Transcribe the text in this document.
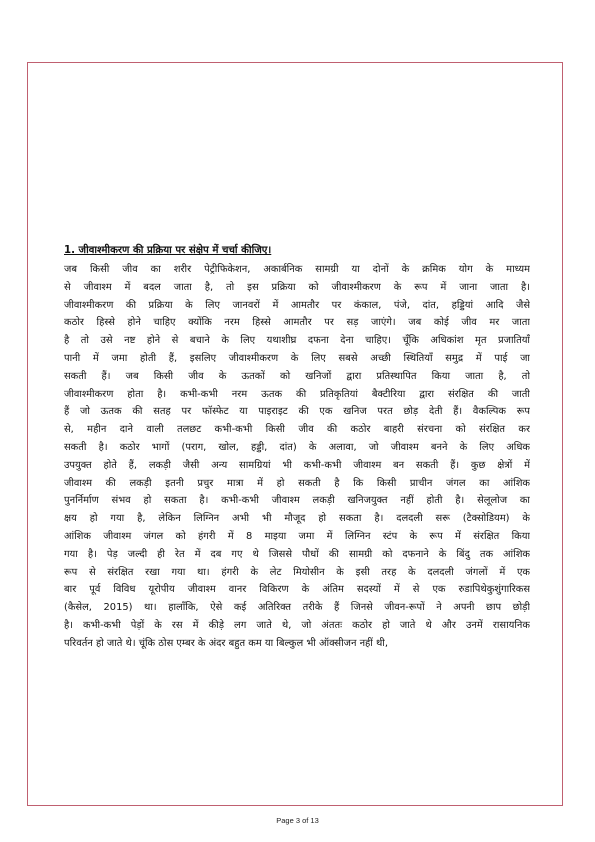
1. जीवाश्मीकरण की प्रक्रिया पर संक्षेप में चर्चा कीजिए।
जब किसी जीव का शरीर पेट्रीफिकेशन, अकार्बनिक सामग्री या दोनों के क्रमिक योग के माध्यम
से जीवाश्म में बदल जाता है, तो इस प्रक्रिया को जीवाश्मीकरण के रूप में जाना जाता है।
जीवाश्मीकरण की प्रक्रिया के लिए जानवरों में आमतौर पर कंकाल, पंजे, दांत, हड्डियां आदि जैसे
कठोर हिस्से होने चाहिए क्योंकि नरम हिस्से आमतौर पर सड़ जाएंगे। जब कोई जीव मर जाता
है तो उसे नष्ट होने से बचाने के लिए यथाशीघ्र दफना देना चाहिए। चूँकि अधिकांश मृत प्रजातियाँ
पानी में जमा होती हैं, इसलिए जीवाश्मीकरण के लिए सबसे अच्छी स्थितियाँ समुद्र में पाई जा
सकती हैं। जब किसी जीव के ऊतकों को खनिजों द्वारा प्रतिस्थापित किया जाता है, तो
जीवाश्मीकरण होता है। कभी-कभी नरम ऊतक की प्रतिकृतियां बैक्टीरिया द्वारा संरक्षित की जाती
हैं जो ऊतक की सतह पर फॉस्फेट या पाइराइट की एक खनिज परत छोड़ देती हैं। वैकल्पिक रूप
से, महीन दाने वाली तलछट कभी-कभी किसी जीव की कठोर बाहरी संरचना को संरक्षित कर
सकती है। कठोर भागों (पराग, खोल, हड्डी, दांत) के अलावा, जो जीवाश्म बनने के लिए अधिक
उपयुक्त होते हैं, लकड़ी जैसी अन्य सामग्रियां भी कभी-कभी जीवाश्म बन सकती हैं। कुछ क्षेत्रों में
जीवाश्म की लकड़ी इतनी प्रचुर मात्रा में हो सकती है कि किसी प्राचीन जंगल का आंशिक
पुनर्निर्माण संभव हो सकता है। कभी-कभी जीवाश्म लकड़ी खनिजयुक्त नहीं होती है। सेलूलोज का
क्षय हो गया है, लेकिन लिग्निन अभी भी मौजूद हो सकता है। दलदली सरू (टैक्सोडियम) के
आंशिक जीवाश्म जंगल को हंगरी में 8 माइया जमा में लिग्निन स्टंप के रूप में संरक्षित किया
गया है। पेड़ जल्दी ही रेत में दब गए थे जिससे पौधों की सामग्री को दफनाने के बिंदु तक आंशिक
रूप से संरक्षित रखा गया था। हंगरी के लेट मियोसीन के इसी तरह के दलदली जंगलों में एक
बार पूर्व विविध यूरोपीय जीवाश्म वानर विकिरण के अंतिम सदस्यों में से एक रुडापिथेकुशुंगारिकस
(कैसेल, 2015) था। हालाँकि, ऐसे कई अतिरिक्त तरीके हैं जिनसे जीवन-रूपों ने अपनी छाप छोड़ी
है। कभी-कभी पेड़ों के रस में कीड़े लग जाते थे, जो अंततः कठोर हो जाते थे और उनमें रासायनिक
परिवर्तन हो जाते थे। चूंकि ठोस एम्बर के अंदर बहुत कम या बिल्कुल भी ऑक्सीजन नहीं थी,
Page 3 of 13
